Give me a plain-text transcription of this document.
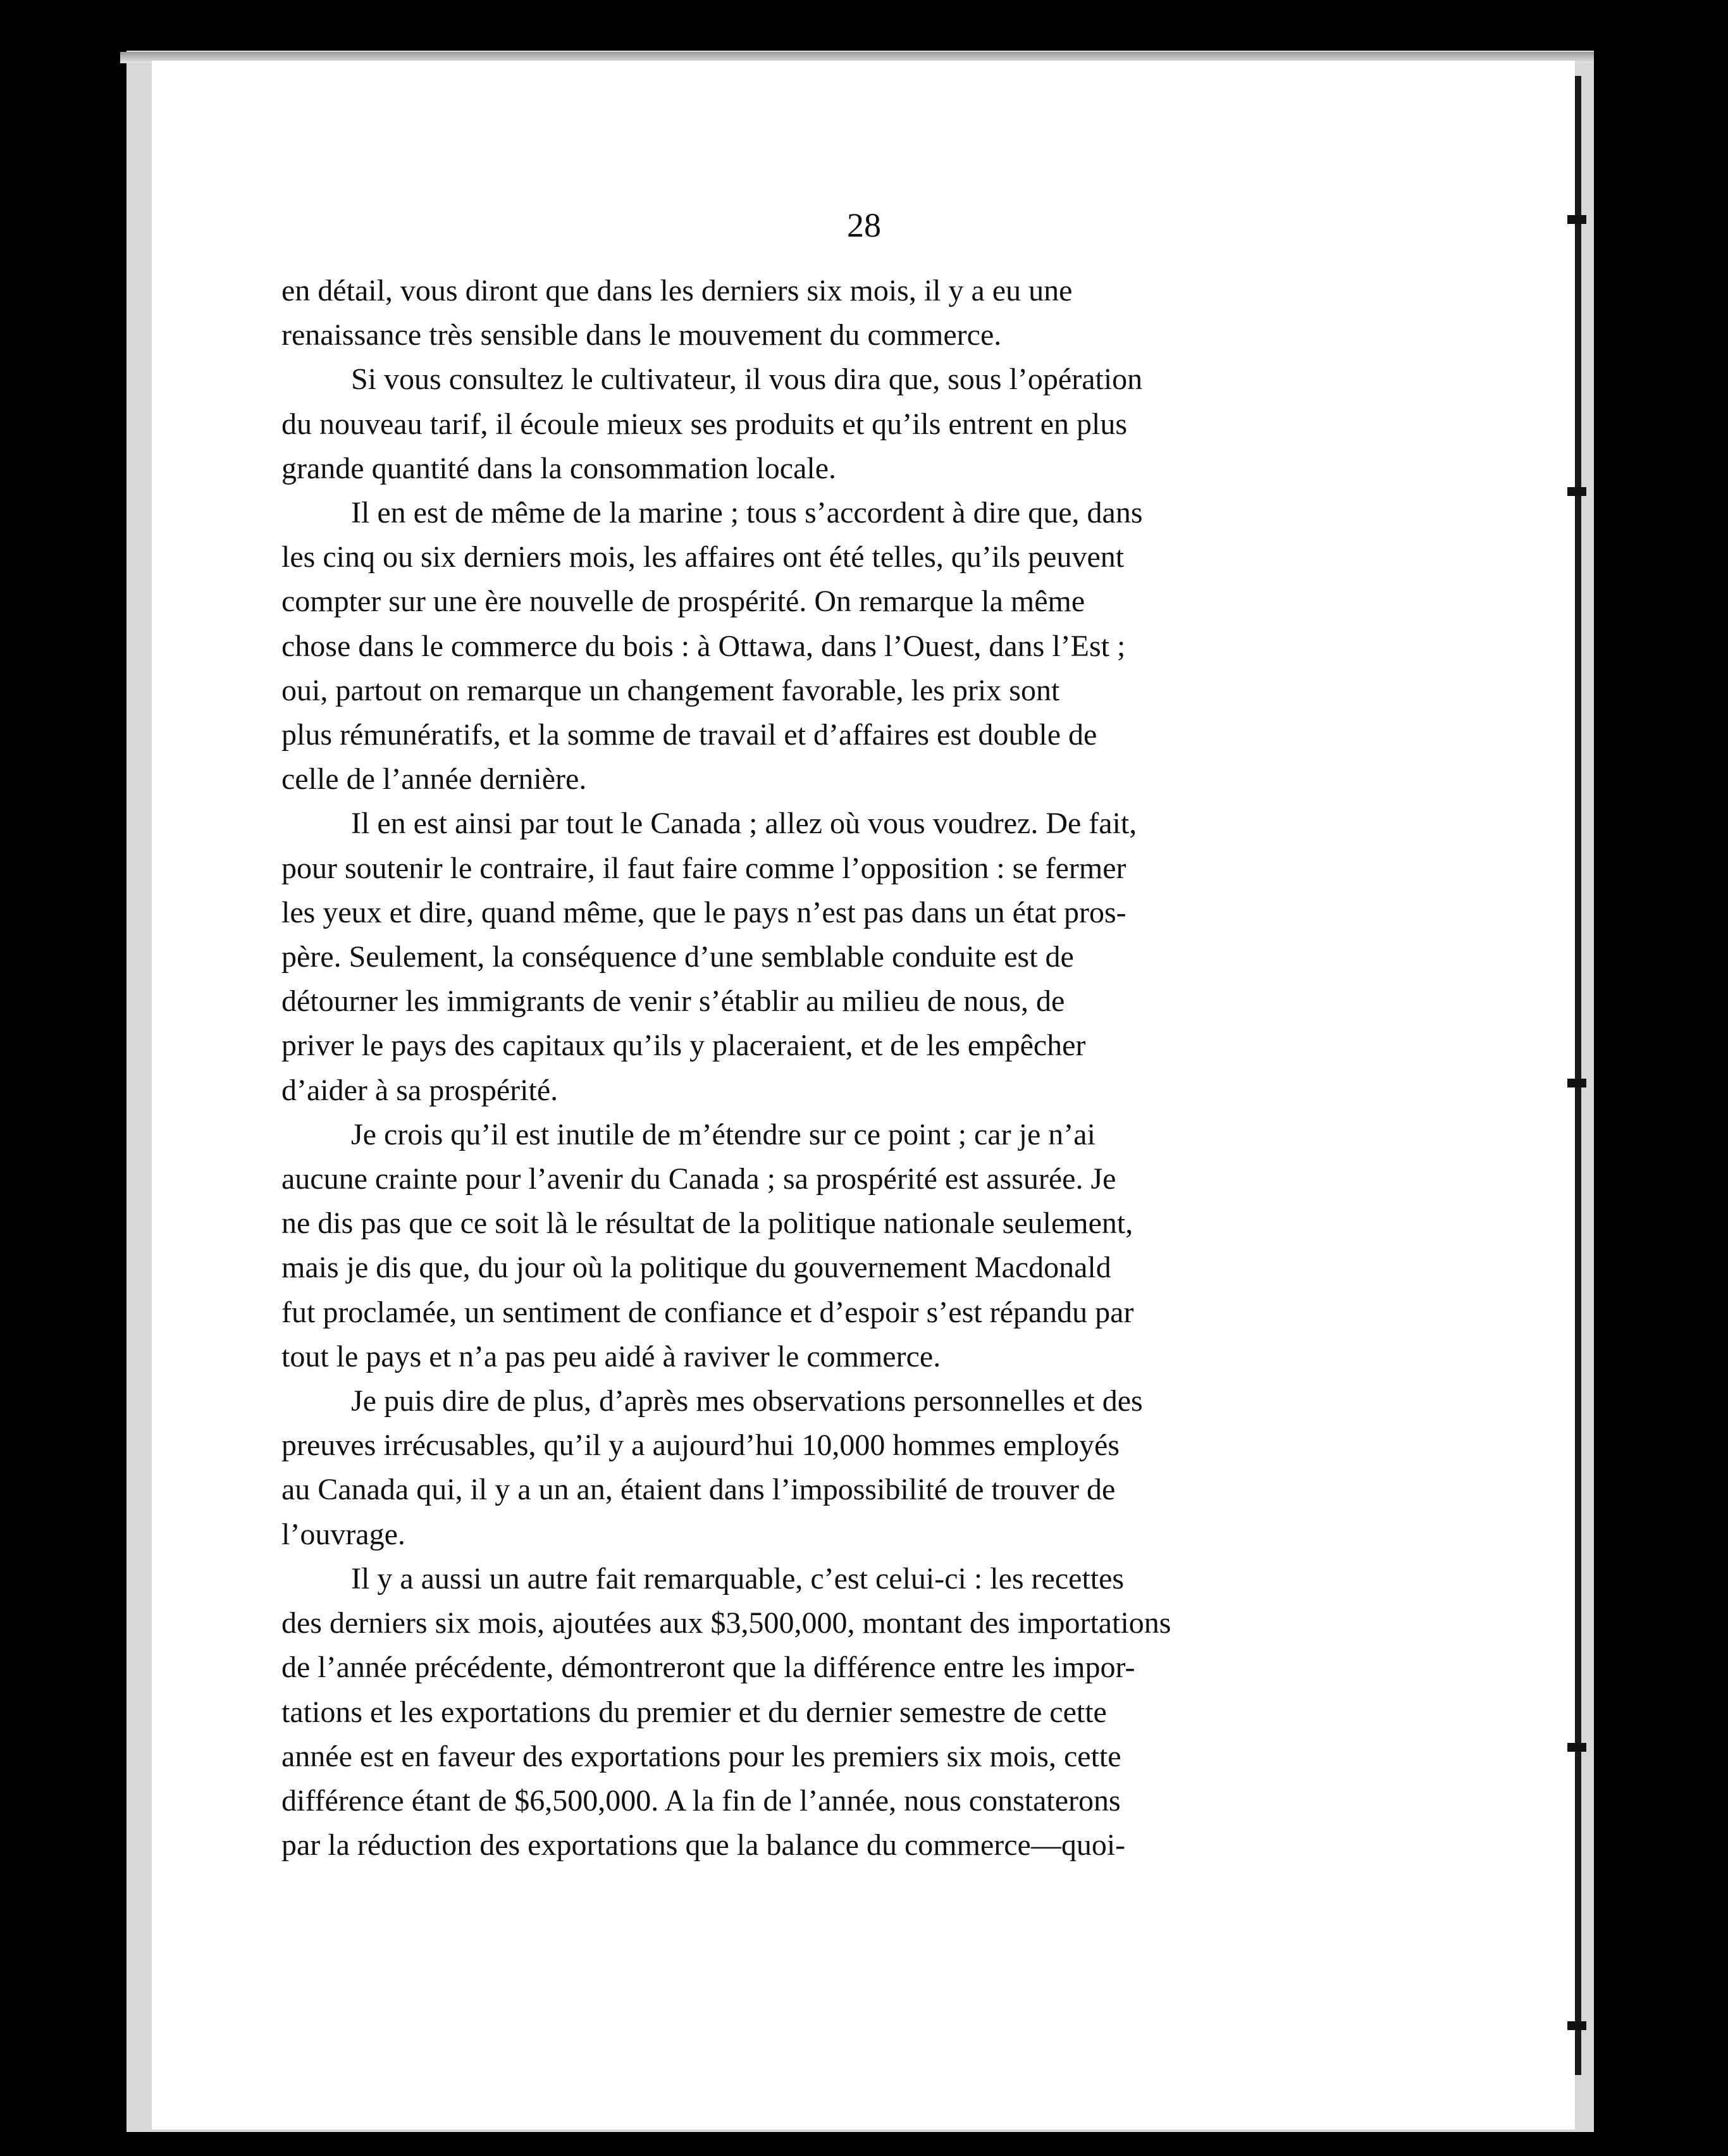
28
en détail, vous diront que dans les derniers six mois, il y a eu une
renaissance très sensible dans le mouvement du commerce.
Si vous consultez le cultivateur, il vous dira que, sous l’opération
du nouveau tarif, il écoule mieux ses produits et qu’ils entrent en plus
grande quantité dans la consommation locale.
Il en est de même de la marine ; tous s’accordent à dire que, dans
les cinq ou six derniers mois, les affaires ont été telles, qu’ils peuvent
compter sur une ère nouvelle de prospérité. On remarque la même
chose dans le commerce du bois : à Ottawa, dans l’Ouest, dans l’Est ;
oui, partout on remarque un changement favorable, les prix sont
plus rémunératifs, et la somme de travail et d’affaires est double de
celle de l’année dernière.
Il en est ainsi par tout le Canada ; allez où vous voudrez. De fait,
pour soutenir le contraire, il faut faire comme l’opposition : se fermer
les yeux et dire, quand même, que le pays n’est pas dans un état pros-
père. Seulement, la conséquence d’une semblable conduite est de
détourner les immigrants de venir s’établir au milieu de nous, de
priver le pays des capitaux qu’ils y placeraient, et de les empêcher
d’aider à sa prospérité.
Je crois qu’il est inutile de m’étendre sur ce point ; car je n’ai
aucune crainte pour l’avenir du Canada ; sa prospérité est assurée. Je
ne dis pas que ce soit là le résultat de la politique nationale seulement,
mais je dis que, du jour où la politique du gouvernement Macdonald
fut proclamée, un sentiment de confiance et d’espoir s’est répandu par
tout le pays et n’a pas peu aidé à raviver le commerce.
Je puis dire de plus, d’après mes observations personnelles et des
preuves irrécusables, qu’il y a aujourd’hui 10,000 hommes employés
au Canada qui, il y a un an, étaient dans l’impossibilité de trouver de
l’ouvrage.
Il y a aussi un autre fait remarquable, c’est celui-ci : les recettes
des derniers six mois, ajoutées aux $3,500,000, montant des importations
de l’année précédente, démontreront que la différence entre les impor-
tations et les exportations du premier et du dernier semestre de cette
année est en faveur des exportations pour les premiers six mois, cette
différence étant de $6,500,000. A la fin de l’année, nous constaterons
par la réduction des exportations que la balance du commerce—quoi-
